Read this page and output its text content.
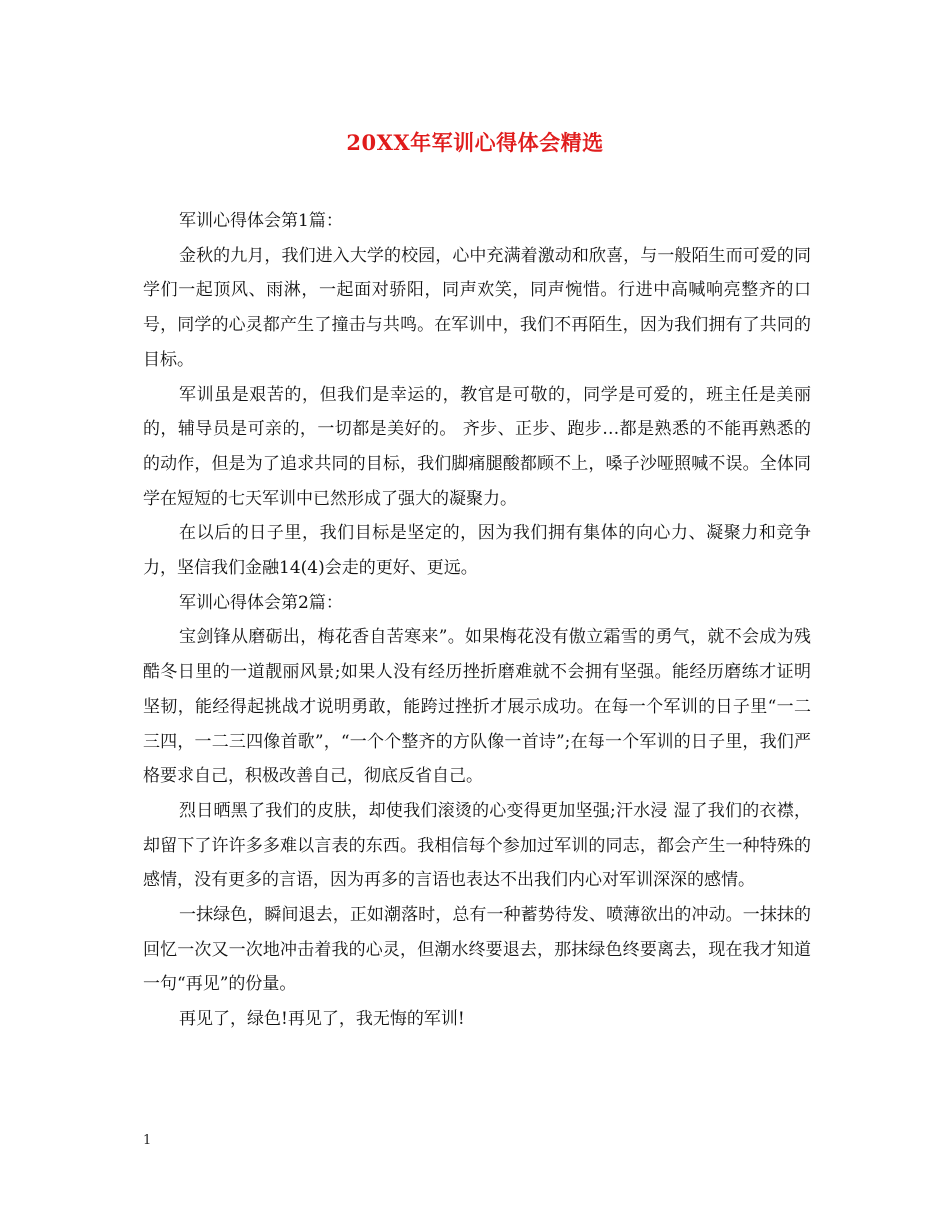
20XX年军训心得体会精选

军训心得体会第1篇：

金秋的九月，我们进入大学的校园，心中充满着激动和欣喜，与一般陌生而可爱的同学们一起顶风、雨淋，一起面对骄阳，同声欢笑，同声惋惜。行进中高喊响亮整齐的口号，同学的心灵都产生了撞击与共鸣。在军训中，我们不再陌生，因为我们拥有了共同的目标。

军训虽是艰苦的，但我们是幸运的，教官是可敬的，同学是可爱的，班主任是美丽的，辅导员是可亲的，一切都是美好的。 齐步、正步、跑步…都是熟悉的不能再熟悉的的动作，但是为了追求共同的目标，我们脚痛腿酸都顾不上，嗓子沙哑照喊不误。全体同学在短短的七天军训中已然形成了强大的凝聚力。

在以后的日子里，我们目标是坚定的，因为我们拥有集体的向心力、凝聚力和竞争力，坚信我们金融14(4)会走的更好、更远。

军训心得体会第2篇：

宝剑锋从磨砺出，梅花香自苦寒来”。如果梅花没有傲立霜雪的勇气，就不会成为残酷冬日里的一道靓丽风景;如果人没有经历挫折磨难就不会拥有坚强。能经历磨练才证明坚韧，能经得起挑战才说明勇敢，能跨过挫折才展示成功。在每一个军训的日子里“一二三四，一二三四像首歌”，“一个个整齐的方队像一首诗”;在每一个军训的日子里，我们严格要求自己，积极改善自己，彻底反省自己。

烈日晒黑了我们的皮肤，却使我们滚烫的心变得更加坚强;汗水浸 湿了我们的衣襟，却留下了许许多多难以言表的东西。我相信每个参加过军训的同志，都会产生一种特殊的感情，没有更多的言语，因为再多的言语也表达不出我们内心对军训深深的感情。

一抹绿色，瞬间退去，正如潮落时，总有一种蓄势待发、喷薄欲出的冲动。一抹抹的回忆一次又一次地冲击着我的心灵，但潮水终要退去，那抹绿色终要离去，现在我才知道一句“再见”的份量。

再见了，绿色!再见了，我无悔的军训!

1
